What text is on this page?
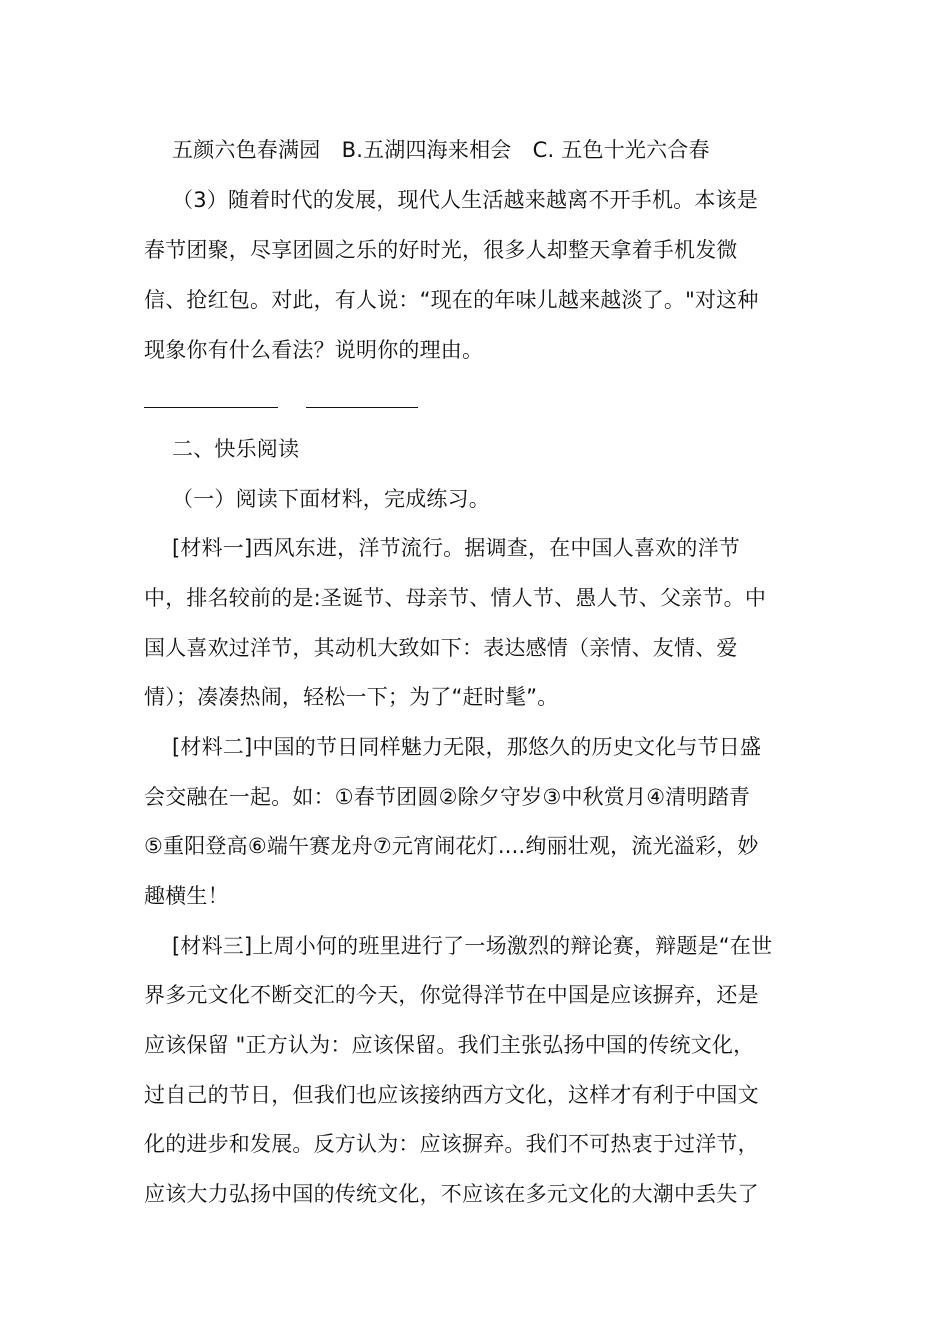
五颜六色春满园　B.五湖四海来相会　C. 五色十光六合春
（3）随着时代的发展，现代人生活越来越离不开手机。本该是
春节团聚，尽享团圆之乐的好时光，很多人却整天拿着手机发微
信、抢红包。对此，有人说：“现在的年味儿越来越淡了。"对这种
现象你有什么看法？说明你的理由。
二、快乐阅读
（一）阅读下面材料，完成练习。
[材料一]西风东进，洋节流行。据调查，在中国人喜欢的洋节
中，排名较前的是:圣诞节、母亲节、情人节、愚人节、父亲节。中
国人喜欢过洋节，其动机大致如下：表达感情（亲情、友情、爱
情）；凑凑热闹，轻松一下；为了“赶时髦”。
[材料二]中国的节日同样魅力无限，那悠久的历史文化与节日盛
会交融在一起。如：①春节团圆②除夕守岁③中秋赏月④清明踏青
⑤重阳登高⑥端午赛龙舟⑦元宵闹花灯....绚丽壮观，流光溢彩，妙
趣横生！
[材料三]上周小何的班里进行了一场激烈的辩论赛，辩题是“在世
界多元文化不断交汇的今天，你觉得洋节在中国是应该摒弃，还是
应该保留 "正方认为：应该保留。我们主张弘扬中国的传统文化，
过自己的节日，但我们也应该接纳西方文化，这样才有利于中国文
化的进步和发展。反方认为：应该摒弃。我们不可热衷于过洋节，
应该大力弘扬中国的传统文化，不应该在多元文化的大潮中丢失了
